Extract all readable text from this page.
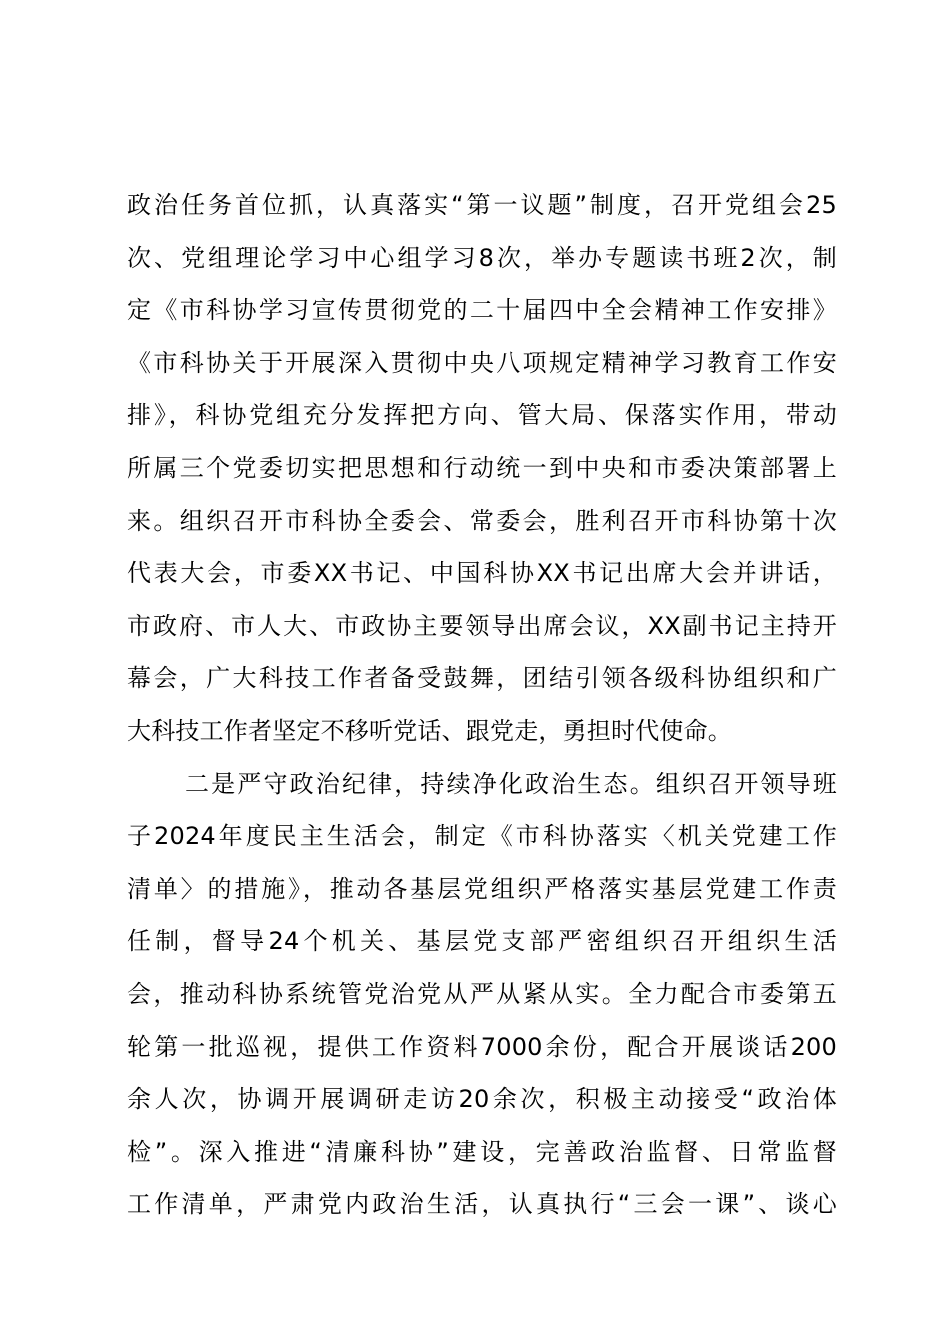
政治任务首位抓，认真落实“第一议题”制度，召开党组会25
次、党组理论学习中心组学习8次，举办专题读书班2次，制
定《市科协学习宣传贯彻党的二十届四中全会精神工作安排》
《市科协关于开展深入贯彻中央八项规定精神学习教育工作安
排》，科协党组充分发挥把方向、管大局、保落实作用，带动
所属三个党委切实把思想和行动统一到中央和市委决策部署上
来。组织召开市科协全委会、常委会，胜利召开市科协第十次
代表大会，市委XX书记、中国科协XX书记出席大会并讲话，
市政府、市人大、市政协主要领导出席会议，XX副书记主持开
幕会，广大科技工作者备受鼓舞，团结引领各级科协组织和广
大科技工作者坚定不移听党话、跟党走，勇担时代使命。
二是严守政治纪律，持续净化政治生态。组织召开领导班
子2024年度民主生活会，制定《市科协落实〈机关党建工作
清单〉的措施》，推动各基层党组织严格落实基层党建工作责
任制，督导24个机关、基层党支部严密组织召开组织生活
会，推动科协系统管党治党从严从紧从实。全力配合市委第五
轮第一批巡视，提供工作资料7000余份，配合开展谈话200
余人次，协调开展调研走访20余次，积极主动接受“政治体
检”。深入推进“清廉科协”建设，完善政治监督、日常监督
工作清单，严肃党内政治生活，认真执行“三会一课”、谈心
